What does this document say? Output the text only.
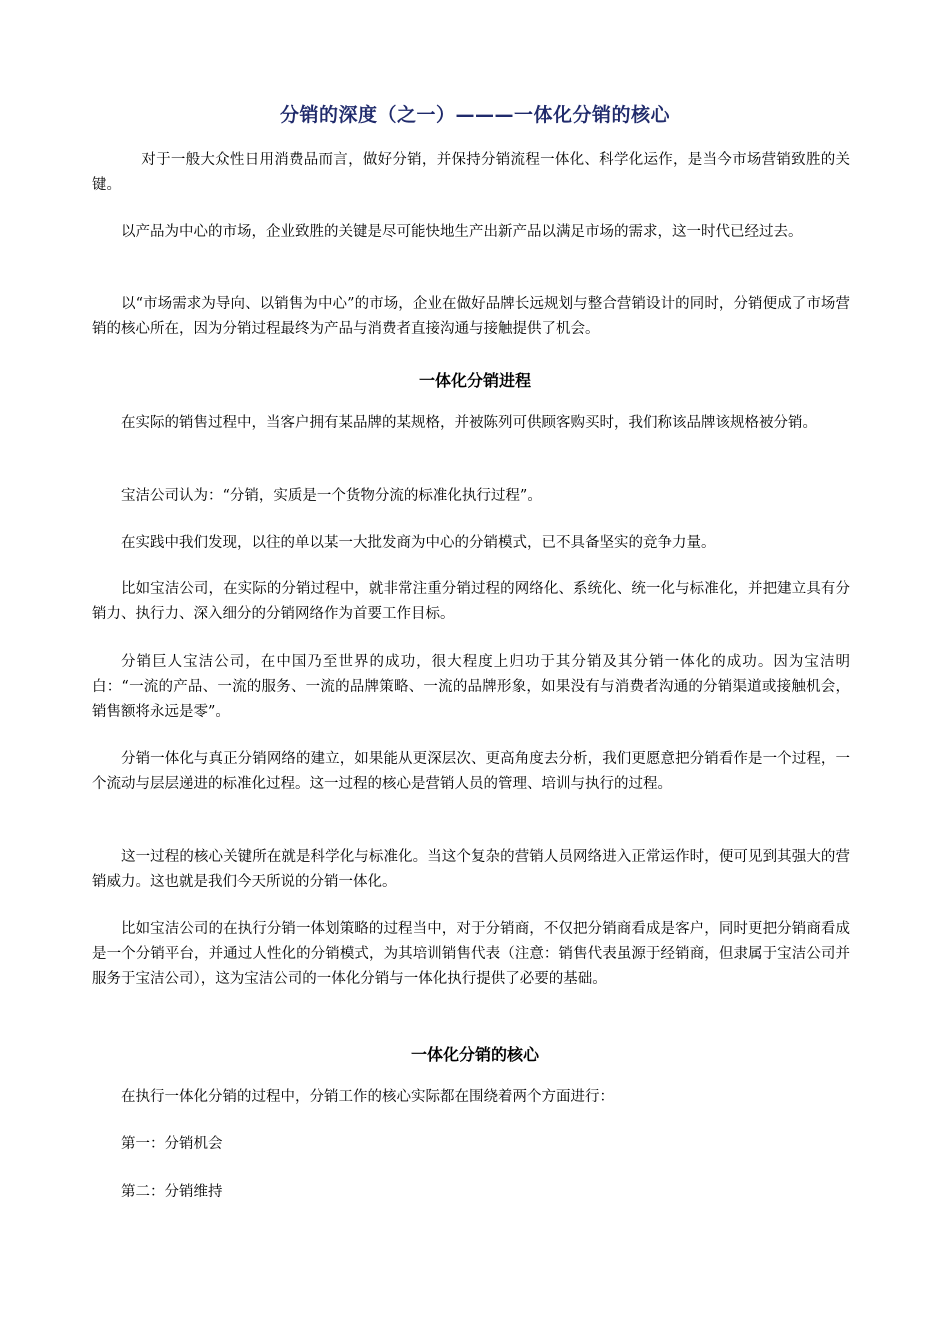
分销的深度（之一）———一体化分销的核心

对于一般大众性日用消费品而言，做好分销，并保持分销流程一体化、科学化运作，是当今市场营销致胜的关键。

以产品为中心的市场，企业致胜的关键是尽可能快地生产出新产品以满足市场的需求，这一时代已经过去。

以“市场需求为导向、以销售为中心”的市场，企业在做好品牌长远规划与整合营销设计的同时，分销便成了市场营销的核心所在，因为分销过程最终为产品与消费者直接沟通与接触提供了机会。

一体化分销进程

在实际的销售过程中，当客户拥有某品牌的某规格，并被陈列可供顾客购买时，我们称该品牌该规格被分销。

宝洁公司认为：“分销，实质是一个货物分流的标准化执行过程”。

在实践中我们发现，以往的单以某一大批发商为中心的分销模式，已不具备坚实的竞争力量。

比如宝洁公司，在实际的分销过程中，就非常注重分销过程的网络化、系统化、统一化与标准化，并把建立具有分销力、执行力、深入细分的分销网络作为首要工作目标。

分销巨人宝洁公司，在中国乃至世界的成功，很大程度上归功于其分销及其分销一体化的成功。因为宝洁明白：“一流的产品、一流的服务、一流的品牌策略、一流的品牌形象，如果没有与消费者沟通的分销渠道或接触机会，销售额将永远是零”。

分销一体化与真正分销网络的建立，如果能从更深层次、更高角度去分析，我们更愿意把分销看作是一个过程，一个流动与层层递进的标准化过程。这一过程的核心是营销人员的管理、培训与执行的过程。

这一过程的核心关键所在就是科学化与标准化。当这个复杂的营销人员网络进入正常运作时，便可见到其强大的营销威力。这也就是我们今天所说的分销一体化。

比如宝洁公司的在执行分销一体划策略的过程当中，对于分销商，不仅把分销商看成是客户，同时更把分销商看成是一个分销平台，并通过人性化的分销模式，为其培训销售代表（注意：销售代表虽源于经销商，但隶属于宝洁公司并服务于宝洁公司），这为宝洁公司的一体化分销与一体化执行提供了必要的基础。

一体化分销的核心

在执行一体化分销的过程中，分销工作的核心实际都在围绕着两个方面进行：

第一：分销机会

第二：分销维持
